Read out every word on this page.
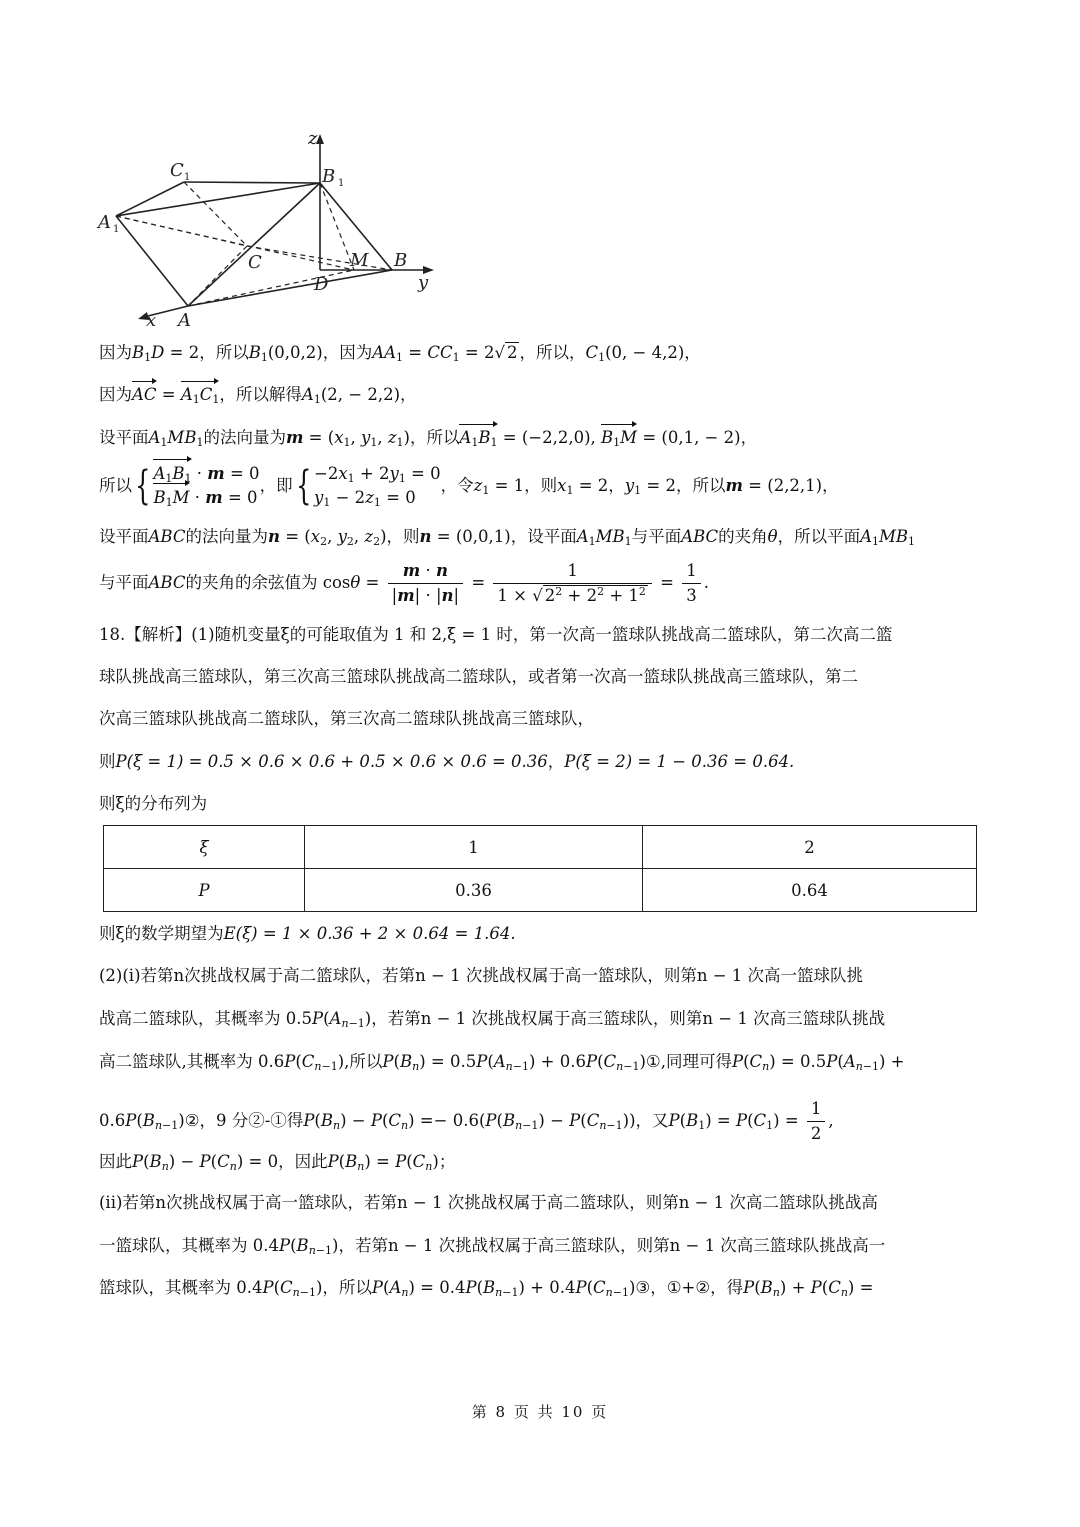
z
y
x A
B
C
D
M
A
C	B
1
1
1
因为$B_1D = 2$，所以$B_1(0,0,2)$，因为$AA_1 = CC_1 = 2√$ 2 ，所以，$C_1(0$, − 4,2)，
因为AC = $A_1C_1$，所以解得$A_1(2$, − 2,2)，
设平面$A_1MB_1$的法向量为$m = (x_1$, $y_1$, $z_1$)，所以$A_1B_1 = (-2,2,0)$, $B_1M = (0,1$, − 2)，
所以{ $A_1B_1 \cdot m = 0$
$B_1M \cdot m = 0$，即{ $-2x_1 + 2y_1 = 0$
$y_1 - 2z_1 = 0$，令$z_1 = 1$，则$x_1 = 2$，$y_1 = 2$，所以m = (2,2,1)，
设平面ABC的法向量为$n = (x_2$, $y_2$, $z_2$)，则n = (0,0,1)，设平面$A_1MB_1$与平面ABC的夹角θ，所以平面$A_1MB_1$
与平面ABC的夹角的余弦值为 $\cos\theta = \frac{m \cdot n}{|m| \cdot |n|} = \frac{1}{1 \times √ 2^2 + 2^2 + 1^2} = \frac{1}{3}$ .
18.【解析】(1)随机变量ξ的可能取值为 1 和 2,ξ = 1 时，第一次高一篮球队挑战高二篮球队，第二次高二篮
球队挑战高三篮球队，第三次高三篮球队挑战高二篮球队，或者第一次高一篮球队挑战高三篮球队，第二
次高三篮球队挑战高二篮球队，第三次高二篮球队挑战高三篮球队，
则P(ξ = 1) = 0.5 × 0.6 × 0.6 + 0.5 × 0.6 × 0.6 = 0.36，P(ξ = 2) = 1 − 0.36 = 0.64.
则ξ的分布列为
ξ	1	2
P	0.36	0.64
则ξ的数学期望为E(ξ) = 1 × 0.36 + 2 × 0.64 = 1.64.
(2)(i)若第n次挑战权属于高二篮球队，若第n − 1 次挑战权属于高一篮球队，则第n − 1 次高一篮球队挑
战高二篮球队，其概率为 $0.5P(A_{n-1})$，若第n − 1 次挑战权属于高三篮球队，则第n − 1 次高三篮球队挑战
高二篮球队,其概率为 $0.6P(C_{n-1})$,所以$P(B_n) = 0.5P(A_{n-1})$ + $0.6P(C_{n-1})①$,同理可得$P(C_n) = 0.5P(A_{n-1})$ +
$0.6P(B_{n-1})②$，9 分②-①得$P(B_n) - P(C_n) =- 0.6(P(B_{n-1}) - P(C_{n-1}))$，又$P(B_1) = P(C_1) = \frac{1}{2}$ ,
因此$P(B_n) - P(C_n) = 0$，因此$P(B_n) = P(C_n)$；
(ii)若第n次挑战权属于高一篮球队，若第n − 1 次挑战权属于高二篮球队，则第n − 1 次高二篮球队挑战高
一篮球队，其概率为 $0.4P(B_{n-1})$，若第n − 1 次挑战权属于高三篮球队，则第n − 1 次高三篮球队挑战高一
篮球队，其概率为 $0.4P(C_{n-1})$，所以$P(A_n) = 0.4P(B_{n-1})$ + $0.4P(C_{n-1})③$，①+②，得$P(B_n) + P(C_n)$ =
第 8 页 共 10 页
